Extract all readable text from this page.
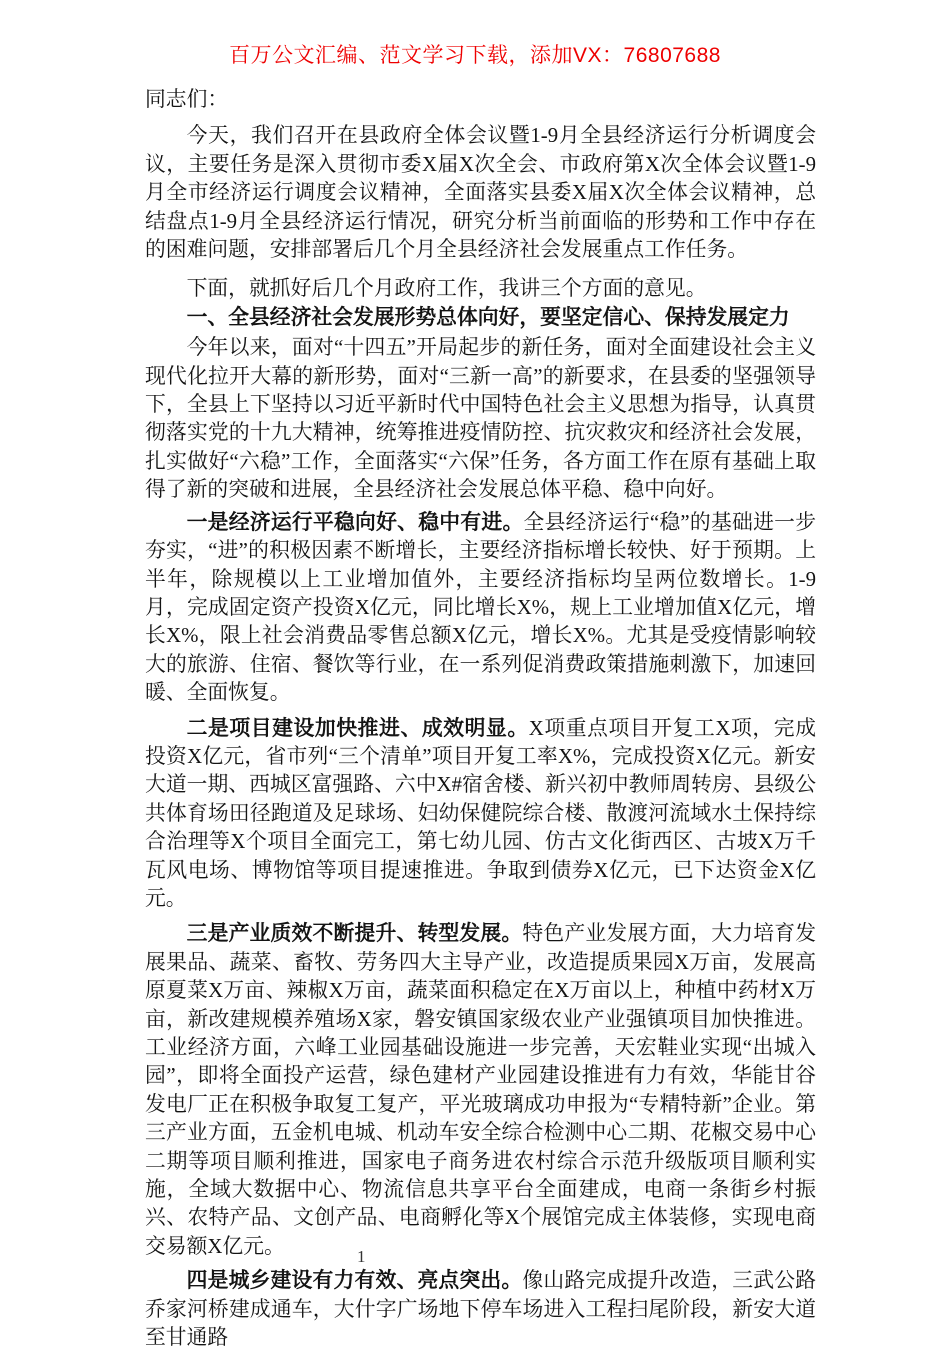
百万公文汇编、范文学习下载，添加VX：76807688

同志们：

今天，我们召开在县政府全体会议暨1-9月全县经济运行分析调度会议，主要任务是深入贯彻市委X届X次全会、市政府第X次全体会议暨1-9月全市经济运行调度会议精神，全面落实县委X届X次全体会议精神，总结盘点1-9月全县经济运行情况，研究分析当前面临的形势和工作中存在的困难问题，安排部署后几个月全县经济社会发展重点工作任务。

下面，就抓好后几个月政府工作，我讲三个方面的意见。

一、全县经济社会发展形势总体向好，要坚定信心、保持发展定力

今年以来，面对“十四五”开局起步的新任务，面对全面建设社会主义现代化拉开大幕的新形势，面对“三新一高”的新要求，在县委的坚强领导下，全县上下坚持以习近平新时代中国特色社会主义思想为指导，认真贯彻落实党的十九大精神，统筹推进疫情防控、抗灾救灾和经济社会发展，扎实做好“六稳”工作，全面落实“六保”任务，各方面工作在原有基础上取得了新的突破和进展，全县经济社会发展总体平稳、稳中向好。

一是经济运行平稳向好、稳中有进。全县经济运行“稳”的基础进一步夯实，“进”的积极因素不断增长，主要经济指标增长较快、好于预期。上半年，除规模以上工业增加值外，主要经济指标均呈两位数增长。1-9月，完成固定资产投资X亿元，同比增长X%，规上工业增加值X亿元，增长X%，限上社会消费品零售总额X亿元，增长X%。尤其是受疫情影响较大的旅游、住宿、餐饮等行业，在一系列促消费政策措施刺激下，加速回暖、全面恢复。

二是项目建设加快推进、成效明显。X项重点项目开复工X项，完成投资X亿元，省市列“三个清单”项目开复工率X%，完成投资X亿元。新安大道一期、西城区富强路、六中X#宿舍楼、新兴初中教师周转房、县级公共体育场田径跑道及足球场、妇幼保健院综合楼、散渡河流域水土保持综合治理等X个项目全面完工，第七幼儿园、仿古文化街西区、古坡X万千瓦风电场、博物馆等项目提速推进。争取到债券X亿元，已下达资金X亿元。

三是产业质效不断提升、转型发展。特色产业发展方面，大力培育发展果品、蔬菜、畜牧、劳务四大主导产业，改造提质果园X万亩，发展高原夏菜X万亩、辣椒X万亩，蔬菜面积稳定在X万亩以上，种植中药材X万亩，新改建规模养殖场X家，磐安镇国家级农业产业强镇项目加快推进。工业经济方面，六峰工业园基础设施进一步完善，天宏鞋业实现“出城入园”，即将全面投产运营，绿色建材产业园建设推进有力有效，华能甘谷发电厂正在积极争取复工复产，平光玻璃成功申报为“专精特新”企业。第三产业方面，五金机电城、机动车安全综合检测中心二期、花椒交易中心二期等项目顺利推进，国家电子商务进农村综合示范升级版项目顺利实施，全域大数据中心、物流信息共享平台全面建成，电商一条街乡村振兴、农特产品、文创产品、电商孵化等X个展馆完成主体装修，实现电商交易额X亿元。

四是城乡建设有力有效、亮点突出。像山路完成提升改造，三武公路乔家河桥建成通车，大什字广场地下停车场进入工程扫尾阶段，新安大道至甘通路

1
